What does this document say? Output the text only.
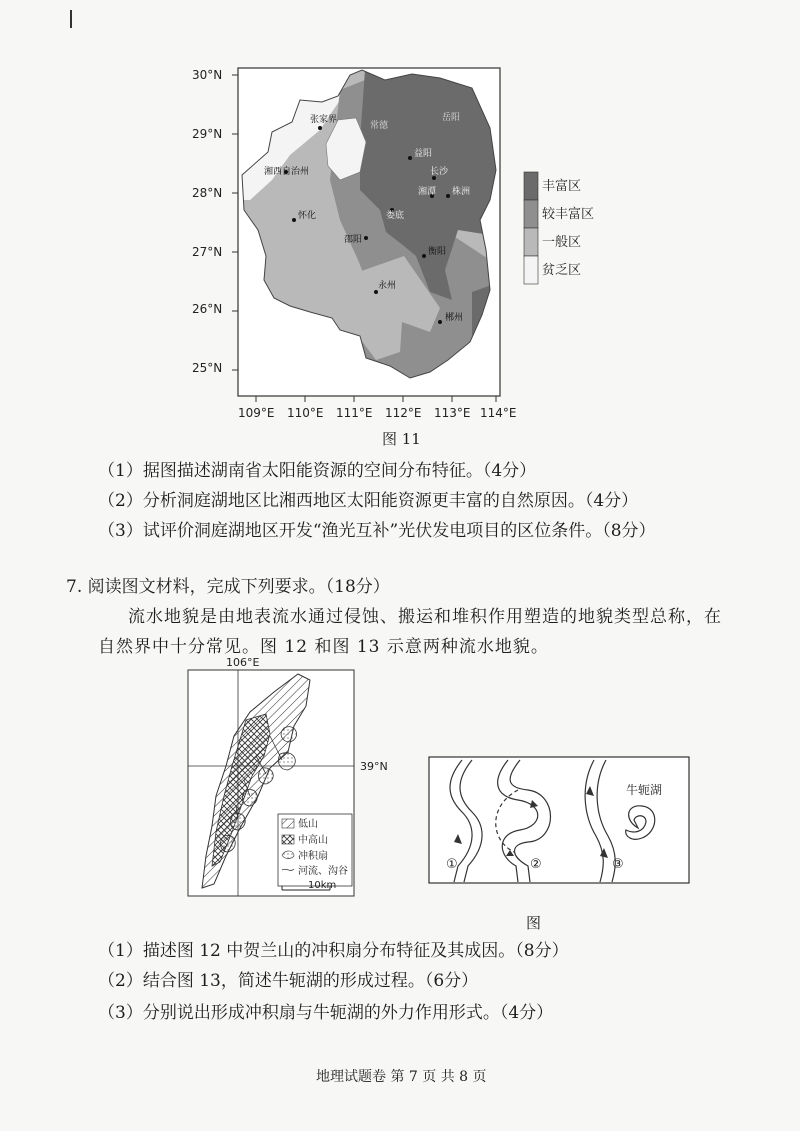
30°N
29°N
28°N
27°N
26°N
25°N
109°E 110°E 111°E 112°E 113°E 114°E
张家界
湘西自治州
常德
岳阳
益阳
长沙
湘潭 株洲
怀化	娄底
邵阳
衡阳
永州
郴州
丰富区
较丰富区
一般区
贫乏区
图 11
（1）据图描述湖南省太阳能资源的空间分布特征。（4分）
（2）分析洞庭湖地区比湘西地区太阳能资源更丰富的自然原因。（4分）
（3）试评价洞庭湖地区开发“渔光互补”光伏发电项目的区位条件。（8分）
7. 阅读图文材料，完成下列要求。（18分）
流水地貌是由地表流水通过侵蚀、搬运和堆积作用塑造的地貌类型总称，在
自然界中十分常见。图 12 和图 13 示意两种流水地貌。
106°E
低山
中高山
冲积扇
河流、沟谷
10km
39°N
①	②	③
牛轭湖
图
（1）描述图 12 中贺兰山的冲积扇分布特征及其成因。（8分）
（2）结合图 13，简述牛轭湖的形成过程。（6分）
（3）分别说出形成冲积扇与牛轭湖的外力作用形式。（4分）
地理试题卷 第 7 页 共 8 页
